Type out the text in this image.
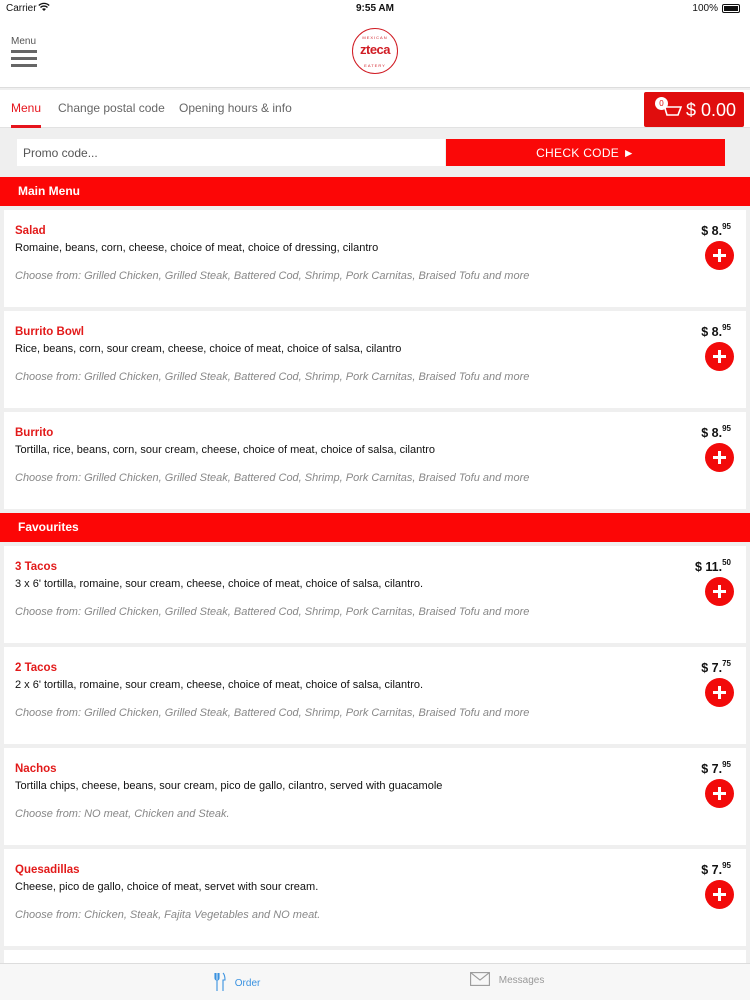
Carrier	9:55 AM	100%
Menu	MEXICAN
zteca
EATERY
Menu Change postal code Opening hours & info	0 $ 0.00
Promo code...
CHECK CODE ►
Main Menu
Salad
Romaine, beans, corn, cheese, choice of meat, choice of dressing, cilantro
Choose from: Grilled Chicken, Grilled Steak, Battered Cod, Shrimp, Pork Carnitas, Braised Tofu and more
$ 8.95
Burrito Bowl
Rice, beans, corn, sour cream, cheese, choice of meat, choice of salsa, cilantro
Choose from: Grilled Chicken, Grilled Steak, Battered Cod, Shrimp, Pork Carnitas, Braised Tofu and more
$ 8.95
Burrito
Tortilla, rice, beans, corn, sour cream, cheese, choice of meat, choice of salsa, cilantro
Choose from: Grilled Chicken, Grilled Steak, Battered Cod, Shrimp, Pork Carnitas, Braised Tofu and more
$ 8.95
Favourites
3 Tacos
3 x 6' tortilla, romaine, sour cream, cheese, choice of meat, choice of salsa, cilantro.
Choose from: Grilled Chicken, Grilled Steak, Battered Cod, Shrimp, Pork Carnitas, Braised Tofu and more
$ 11.50
2 Tacos
2 x 6' tortilla, romaine, sour cream, cheese, choice of meat, choice of salsa, cilantro.
Choose from: Grilled Chicken, Grilled Steak, Battered Cod, Shrimp, Pork Carnitas, Braised Tofu and more
$ 7.75
Nachos
Tortilla chips, cheese, beans, sour cream, pico de gallo, cilantro, served with guacamole
Choose from: NO meat, Chicken and Steak.
$ 7.95
Quesadillas
Cheese, pico de gallo, choice of meat, servet with sour cream.
Choose from: Chicken, Steak, Fajita Vegetables and NO meat.
$ 7.95
Order	Messages
